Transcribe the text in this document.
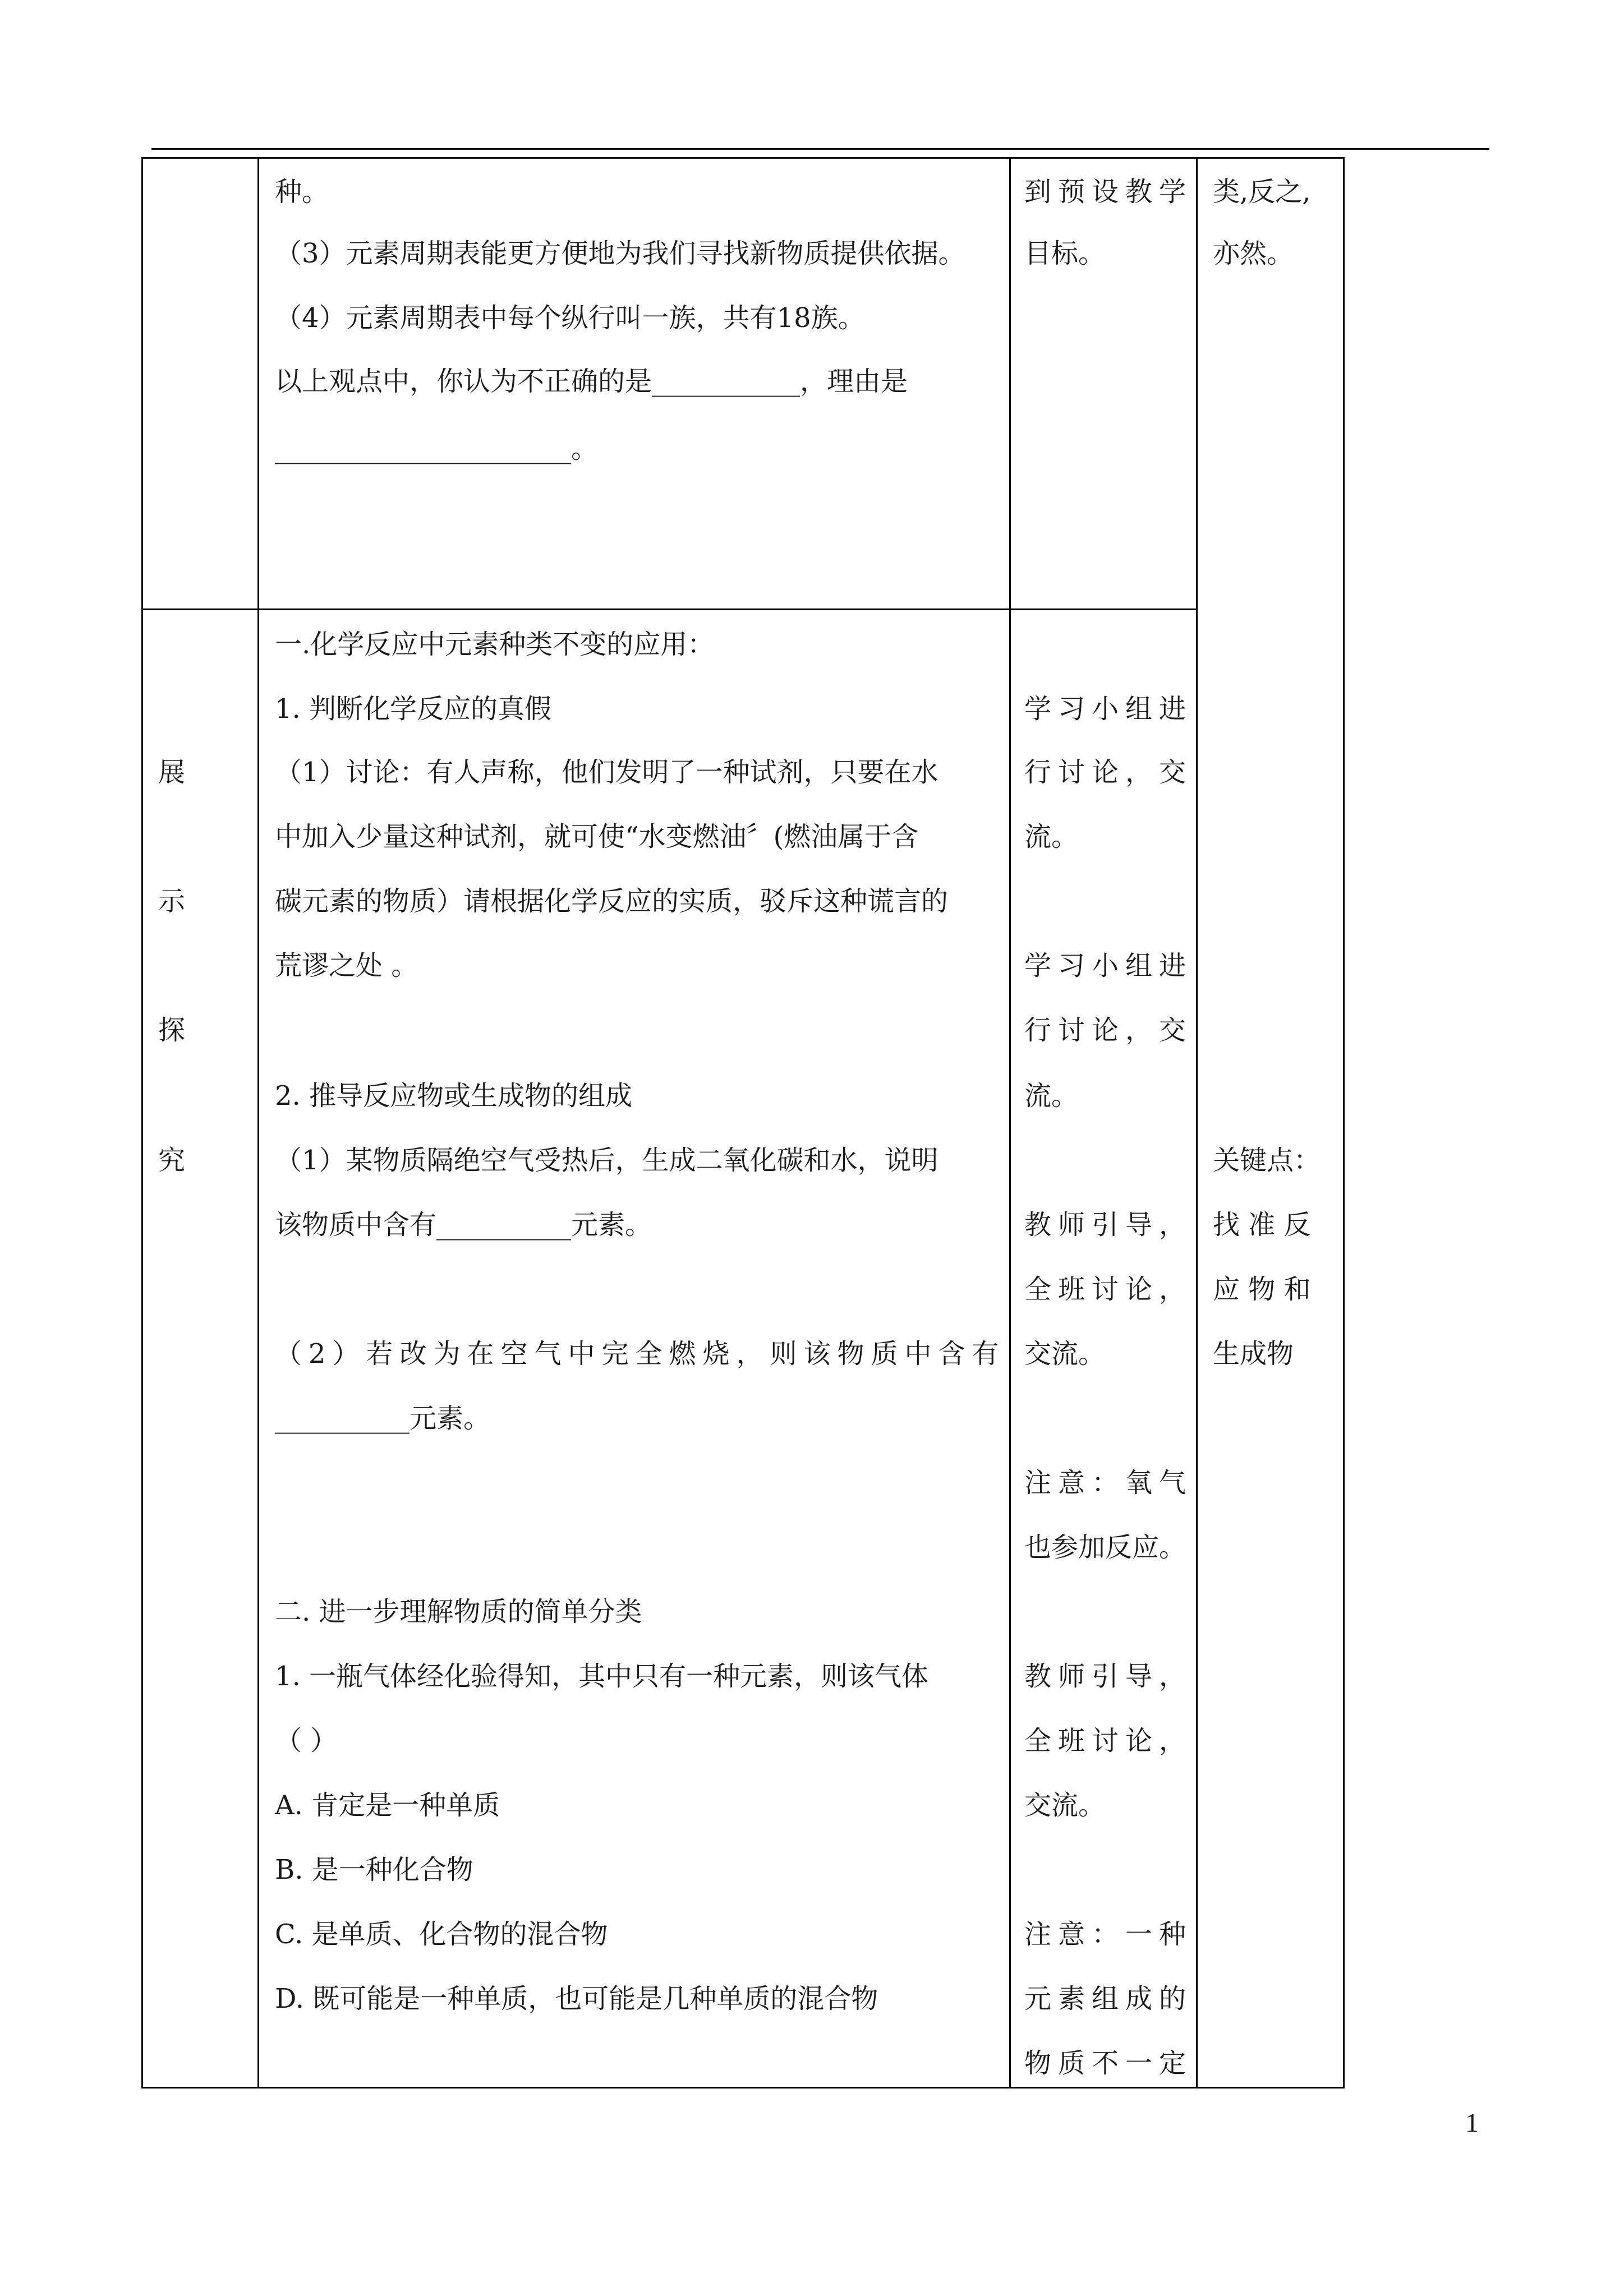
种。
（3）元素周期表能更方便地为我们寻找新物质提供依据。
（4）元素周期表中每个纵行叫一族，共有18族。
以上观点中，你认为不正确的是___________，理由是
______________________。
到预设教学
目标。
类,反之,
亦然。
展
示
探
究
一.化学反应中元素种类不变的应用：
1. 判断化学反应的真假
（1）讨论：有人声称，他们发明了一种试剂，只要在水
中加入少量这种试剂，就可使“水变燃油〞(燃油属于含
碳元素的物质）请根据化学反应的实质，驳斥这种谎言的
荒谬之处 。
2. 推导反应物或生成物的组成
（1）某物质隔绝空气受热后，生成二氧化碳和水，说明
该物质中含有__________元素。
（2）若改为在空气中完全燃烧，则该物质中含有
__________元素。
二. 进一步理解物质的简单分类
1. 一瓶气体经化验得知，其中只有一种元素，则该气体
（ ）
A. 肯定是一种单质
B. 是一种化合物
C. 是单质、化合物的混合物
D. 既可能是一种单质，也可能是几种单质的混合物
学习小组进
行讨论，交
流。
学习小组进
行讨论，交
流。
教师引导，
全班讨论，
交流。
注意：氧气
也参加反应。
教师引导，
全班讨论，
交流。
注意：一种
元素组成的
物质不一定
关键点：
找 准 反
应 物 和
生成物
1
